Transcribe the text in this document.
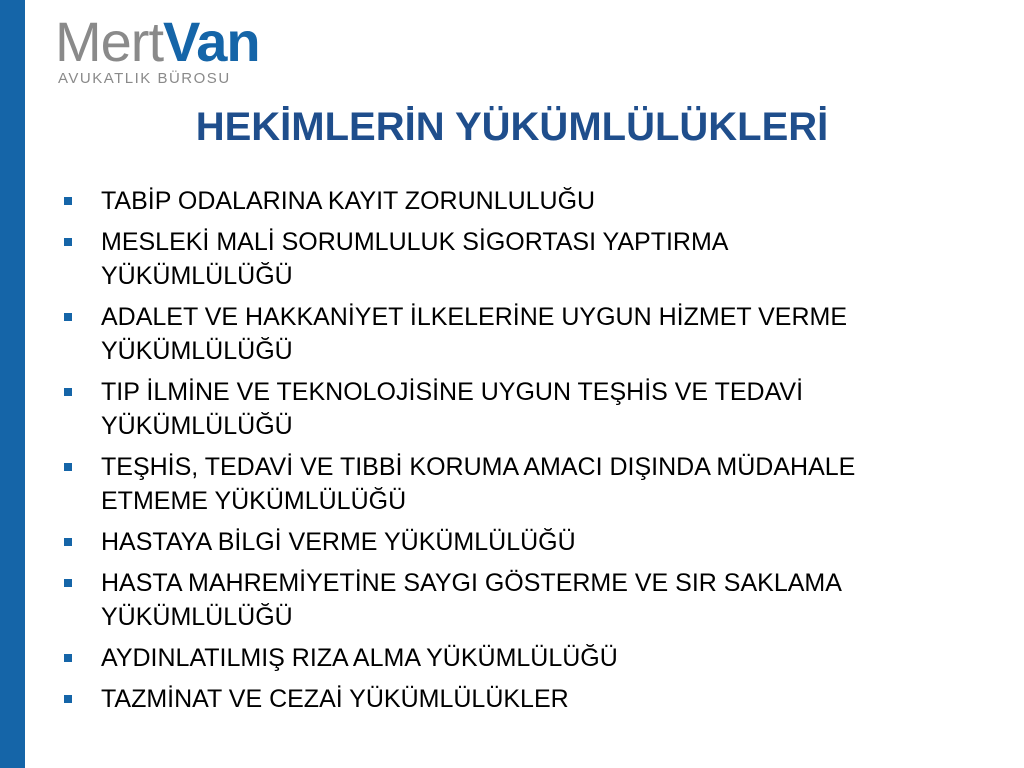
MertVan
AVUKATLIK BÜROSU
HEKİMLERİN YÜKÜMLÜLÜKLERİ
TABİP ODALARINA KAYIT ZORUNLULUĞU
MESLEKİ MALİ SORUMLULUK SİGORTASI YAPTIRMA
YÜKÜMLÜLÜĞÜ
ADALET VE HAKKANİYET İLKELERİNE UYGUN HİZMET VERME
YÜKÜMLÜLÜĞÜ
TIP İLMİNE VE TEKNOLOJİSİNE UYGUN TEŞHİS VE TEDAVİ
YÜKÜMLÜLÜĞÜ
TEŞHİS, TEDAVİ VE TIBBİ KORUMA AMACI DIŞINDA MÜDAHALE
ETMEME YÜKÜMLÜLÜĞÜ
HASTAYA BİLGİ VERME YÜKÜMLÜLÜĞÜ
HASTA MAHREMİYETİNE SAYGI GÖSTERME VE SIR SAKLAMA
YÜKÜMLÜLÜĞÜ
AYDINLATILMIŞ RIZA ALMA YÜKÜMLÜLÜĞÜ
TAZMİNAT VE CEZAİ YÜKÜMLÜLÜKLER
